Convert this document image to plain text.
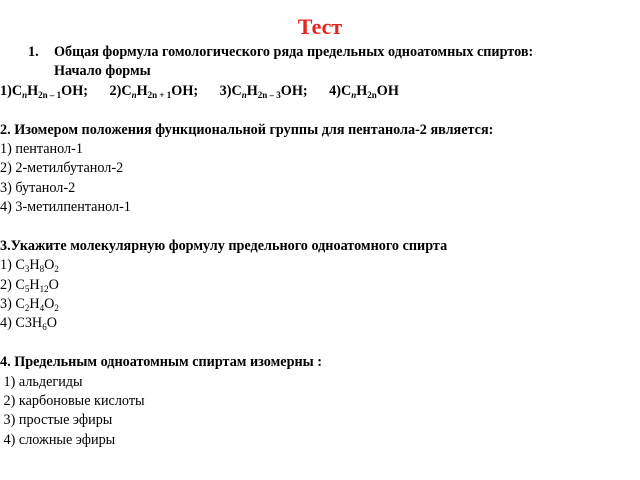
Тест
1.	Общая формула гомологического ряда предельных одноатомных спиртов:
Начало формы
$1)C_nH_{2n - 1}OH$; $2)C_nH_{2n + 1}OH$; $3)C_nH_{2n - 3}OH$; $4)C_nH_{2n}OH$
2. Изомером положения функциональной группы для пентанола-2 является:
1) пентанол-1
2) 2-метилбутанол-2
3) бутанол-2
4) 3-метилпентанол-1
3.Укажите молекулярную формулу предельного одноатомного спирта
1) $C_3H_8O_2$
2) $C_5H_{12}O$
3) $C_2H_4O_2$
4) $C3H_6O$
4. Предельным одноатомным спиртам изомерны :
1) альдегиды
2) карбоновые кислоты
3) простые эфиры
4) сложные эфиры
